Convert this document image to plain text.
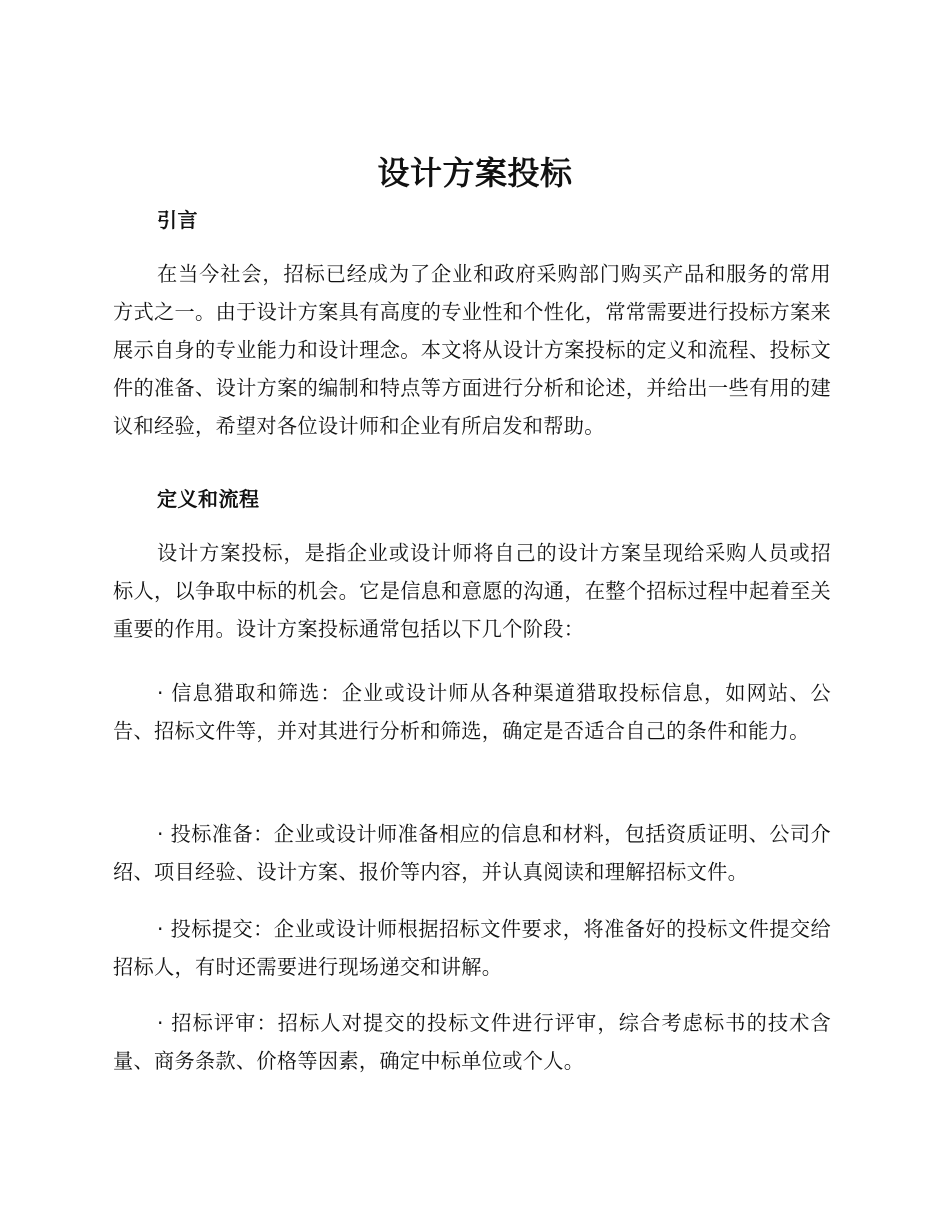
设计方案投标
引言
在当今社会，招标已经成为了企业和政府采购部门购买产品和服务的常用方式之一。由于设计方案具有高度的专业性和个性化，常常需要进行投标方案来展示自身的专业能力和设计理念。本文将从设计方案投标的定义和流程、投标文件的准备、设计方案的编制和特点等方面进行分析和论述，并给出一些有用的建议和经验，希望对各位设计师和企业有所启发和帮助。
定义和流程
设计方案投标，是指企业或设计师将自己的设计方案呈现给采购人员或招标人，以争取中标的机会。它是信息和意愿的沟通，在整个招标过程中起着至关重要的作用。设计方案投标通常包括以下几个阶段：
· 信息猎取和筛选：企业或设计师从各种渠道猎取投标信息，如网站、公告、招标文件等，并对其进行分析和筛选，确定是否适合自己的条件和能力。
· 投标准备：企业或设计师准备相应的信息和材料，包括资质证明、公司介绍、项目经验、设计方案、报价等内容，并认真阅读和理解招标文件。
· 投标提交：企业或设计师根据招标文件要求，将准备好的投标文件提交给招标人，有时还需要进行现场递交和讲解。
· 招标评审：招标人对提交的投标文件进行评审，综合考虑标书的技术含量、商务条款、价格等因素，确定中标单位或个人。
